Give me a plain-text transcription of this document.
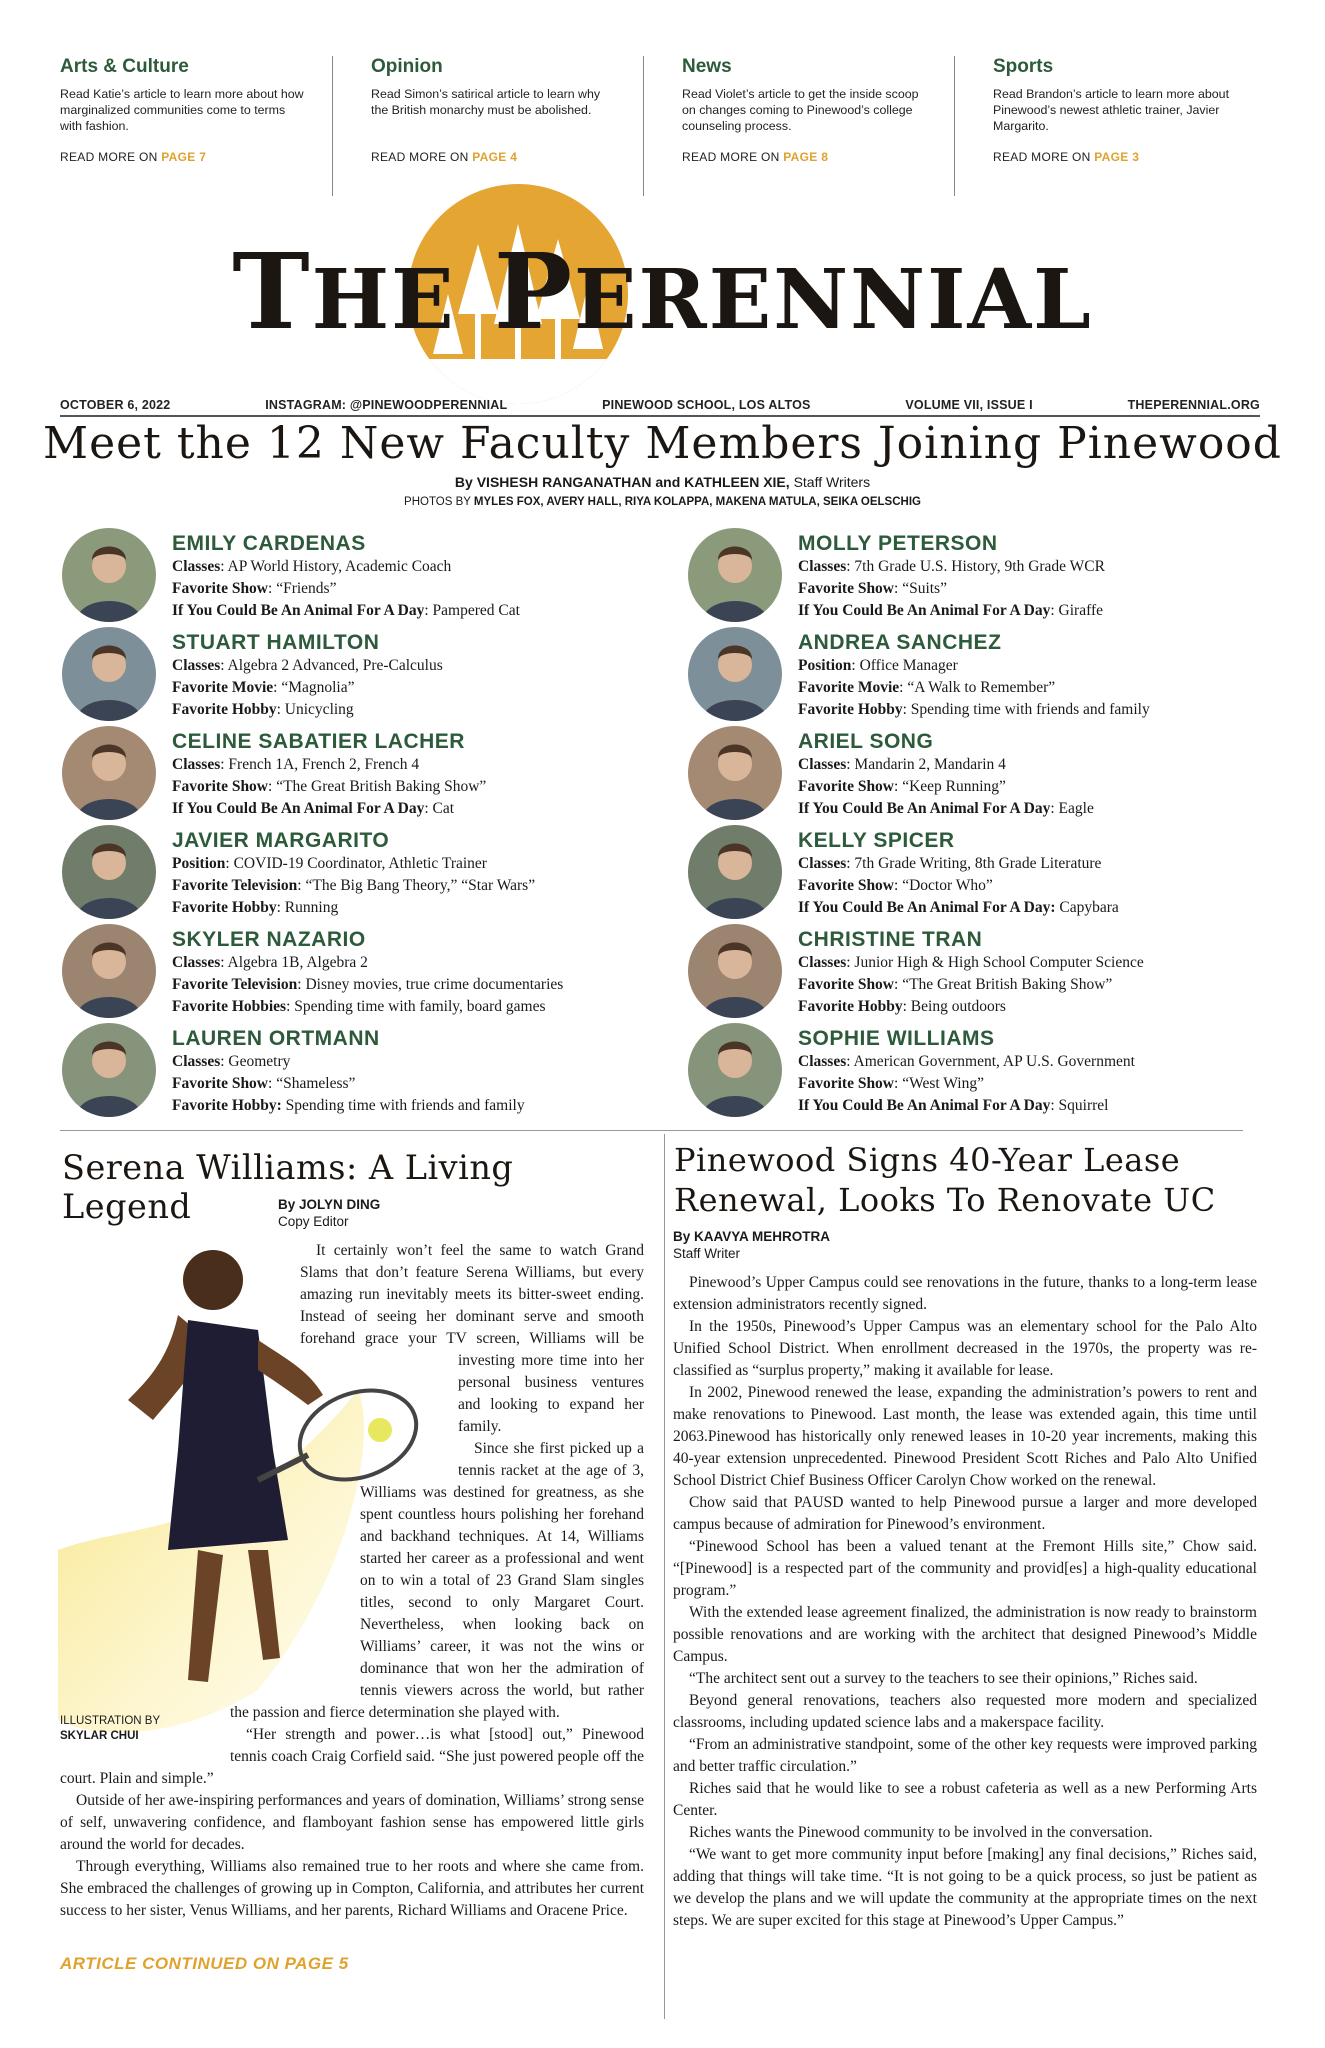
Arts & Culture

Read Katie’s article to learn more about how marginalized communities come to terms with fashion.

READ MORE ON PAGE 7
Opinion

Read Simon’s satirical article to learn why the British monarchy must be abolished.

READ MORE ON PAGE 4
News

Read Violet’s article to get the inside scoop on changes coming to Pinewood’s college counseling process.

READ MORE ON PAGE 8
Sports

Read Brandon’s article to learn more about Pinewood’s newest athletic trainer, Javier Margarito.

READ MORE ON PAGE 3
THE PERENNIAL
OCTOBER 6, 2022	INSTAGRAM: @PINEWOODPERENNIAL	PINEWOOD SCHOOL, LOS ALTOS	VOLUME VII, ISSUE I	THEPERENNIAL.ORG
Meet the 12 New Faculty Members Joining Pinewood
By VISHESH RANGANATHAN and KATHLEEN XIE, Staff Writers
PHOTOS BY MYLES FOX, AVERY HALL, RIYA KOLAPPA, MAKENA MATULA, SEIKA OELSCHIG
EMILY CARDENAS
Classes: AP World History, Academic Coach
Favorite Show: “Friends”
If You Could Be An Animal For A Day: Pampered Cat
STUART HAMILTON
Classes: Algebra 2 Advanced, Pre-Calculus
Favorite Movie: “Magnolia”
Favorite Hobby: Unicycling
CELINE SABATIER LACHER
Classes: French 1A, French 2, French 4
Favorite Show: “The Great British Baking Show”
If You Could Be An Animal For A Day: Cat
JAVIER MARGARITO
Position: COVID-19 Coordinator, Athletic Trainer
Favorite Television: “The Big Bang Theory,” “Star Wars”
Favorite Hobby: Running
SKYLER NAZARIO
Classes: Algebra 1B, Algebra 2
Favorite Television: Disney movies, true crime documentaries
Favorite Hobbies: Spending time with family, board games
LAUREN ORTMANN
Classes: Geometry
Favorite Show: “Shameless”
Favorite Hobby: Spending time with friends and family
MOLLY PETERSON
Classes: 7th Grade U.S. History, 9th Grade WCR
Favorite Show: “Suits”
If You Could Be An Animal For A Day: Giraffe
ANDREA SANCHEZ
Position: Office Manager
Favorite Movie: “A Walk to Remember”
Favorite Hobby: Spending time with friends and family
ARIEL SONG
Classes: Mandarin 2, Mandarin 4
Favorite Show: “Keep Running”
If You Could Be An Animal For A Day: Eagle
KELLY SPICER
Classes: 7th Grade Writing, 8th Grade Literature
Favorite Show: “Doctor Who”
If You Could Be An Animal For A Day: Capybara
CHRISTINE TRAN
Classes: Junior High & High School Computer Science
Favorite Show: “The Great British Baking Show”
Favorite Hobby: Being outdoors
SOPHIE WILLIAMS
Classes: American Government, AP U.S. Government
Favorite Show: “West Wing”
If You Could Be An Animal For A Day: Squirrel
Serena Williams: A Living Legend	By JOLYN DING
Copy Editor
ILLUSTRATION BY
SKYLAR CHUI

It certainly won’t feel the same to watch Grand Slams that don’t feature Serena Williams, but every amazing run inevitably meets its bitter-sweet ending. Instead of seeing her dominant serve and smooth forehand grace your TV screen, Williams will be investing more time into her personal business ventures and looking to expand her family.

Since she first picked up a tennis racket at the age of 3, Williams was destined for greatness, as she spent countless hours polishing her forehand and backhand techniques. At 14, Williams started her career as a professional and went on to win a total of 23 Grand Slam singles titles, second to only Margaret Court. Nevertheless, when looking back on Williams’ career, it was not the wins or dominance that won her the admiration of tennis viewers across the world, but rather the passion and fierce determination she played with.

“Her strength and power…is what [stood] out,” Pinewood tennis coach Craig Corfield said. “She just powered people off the court. Plain and simple.”

Outside of her awe-inspiring performances and years of domination, Williams’ strong sense of self, unwavering confidence, and flamboyant fashion sense has empowered little girls around the world for decades.

Through everything, Williams also remained true to her roots and where she came from. She embraced the challenges of growing up in Compton, California, and attributes her current success to her sister, Venus Williams, and her parents, Richard Williams and Oracene Price.

ARTICLE CONTINUED ON PAGE 5
Pinewood Signs 40-Year Lease Renewal, Looks To Renovate UC
By KAAVYA MEHROTRA
Staff Writer

Pinewood’s Upper Campus could see renovations in the future, thanks to a long-term lease extension administrators recently signed.

In the 1950s, Pinewood’s Upper Campus was an elementary school for the Palo Alto Unified School District. When enrollment decreased in the 1970s, the property was re-classified as “surplus property,” making it available for lease.

In 2002, Pinewood renewed the lease, expanding the administration’s powers to rent and make renovations to Pinewood. Last month, the lease was extended again, this time until 2063.Pinewood has historically only renewed leases in 10-20 year increments, making this 40-year extension unprecedented. Pinewood President Scott Riches and Palo Alto Unified School District Chief Business Officer Carolyn Chow worked on the renewal.

Chow said that PAUSD wanted to help Pinewood pursue a larger and more developed campus because of admiration for Pinewood’s environment.

“Pinewood School has been a valued tenant at the Fremont Hills site,” Chow said. “[Pinewood] is a respected part of the community and provid[es] a high-quality educational program.”

With the extended lease agreement finalized, the administration is now ready to brainstorm possible renovations and are working with the architect that designed Pinewood’s Middle Campus.

“The architect sent out a survey to the teachers to see their opinions,” Riches said.

Beyond general renovations, teachers also requested more modern and specialized classrooms, including updated science labs and a makerspace facility.

“From an administrative standpoint, some of the other key requests were improved parking and better traffic circulation.”

Riches said that he would like to see a robust cafeteria as well as a new Performing Arts Center.

Riches wants the Pinewood community to be involved in the conversation.

“We want to get more community input before [making] any final decisions,” Riches said, adding that things will take time. “It is not going to be a quick process, so just be patient as we develop the plans and we will update the community at the appropriate times on the next steps. We are super excited for this stage at Pinewood’s Upper Campus.”
